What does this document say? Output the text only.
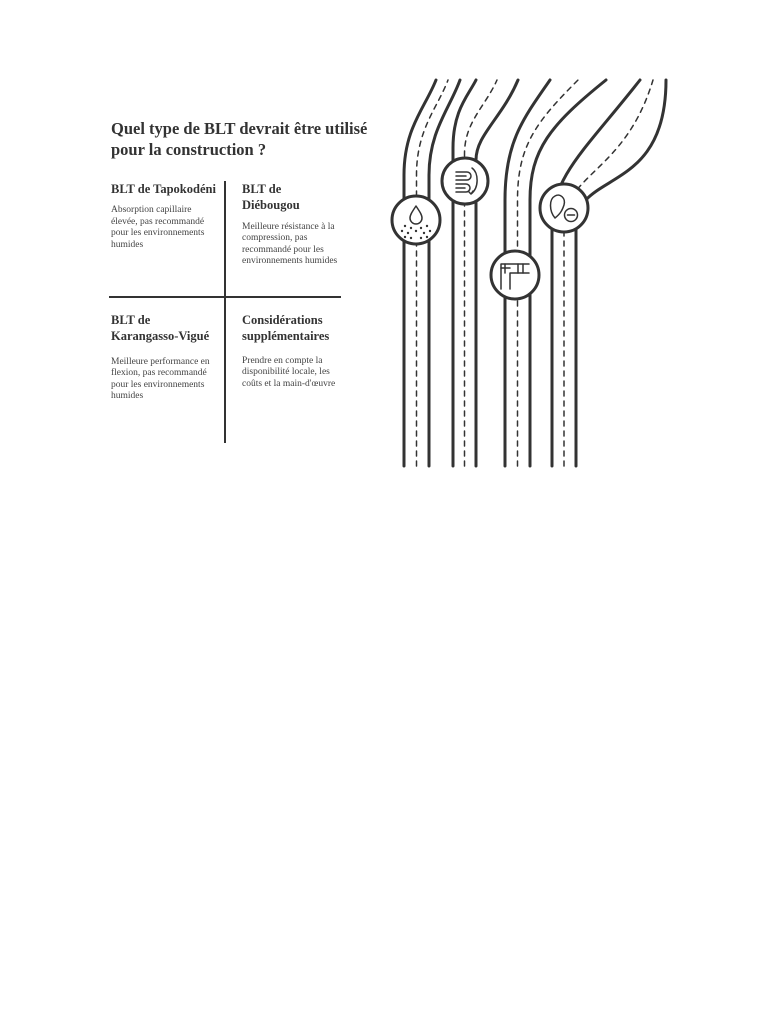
Quel type de BLT devrait être utilisé pour la construction ?
BLT de Tapokodéni

Absorption capillaire élevée, pas recommandé pour les environnements humides

BLT de Diébougou

Meilleure résistance à la compression, pas recommandé pour les environnements humides

BLT de Karangasso-Vigué

Meilleure performance en flexion, pas recommandé pour les environnements humides

Considérations supplémentaires

Prendre en compte la disponibilité locale, les coûts et la main-d'œuvre
